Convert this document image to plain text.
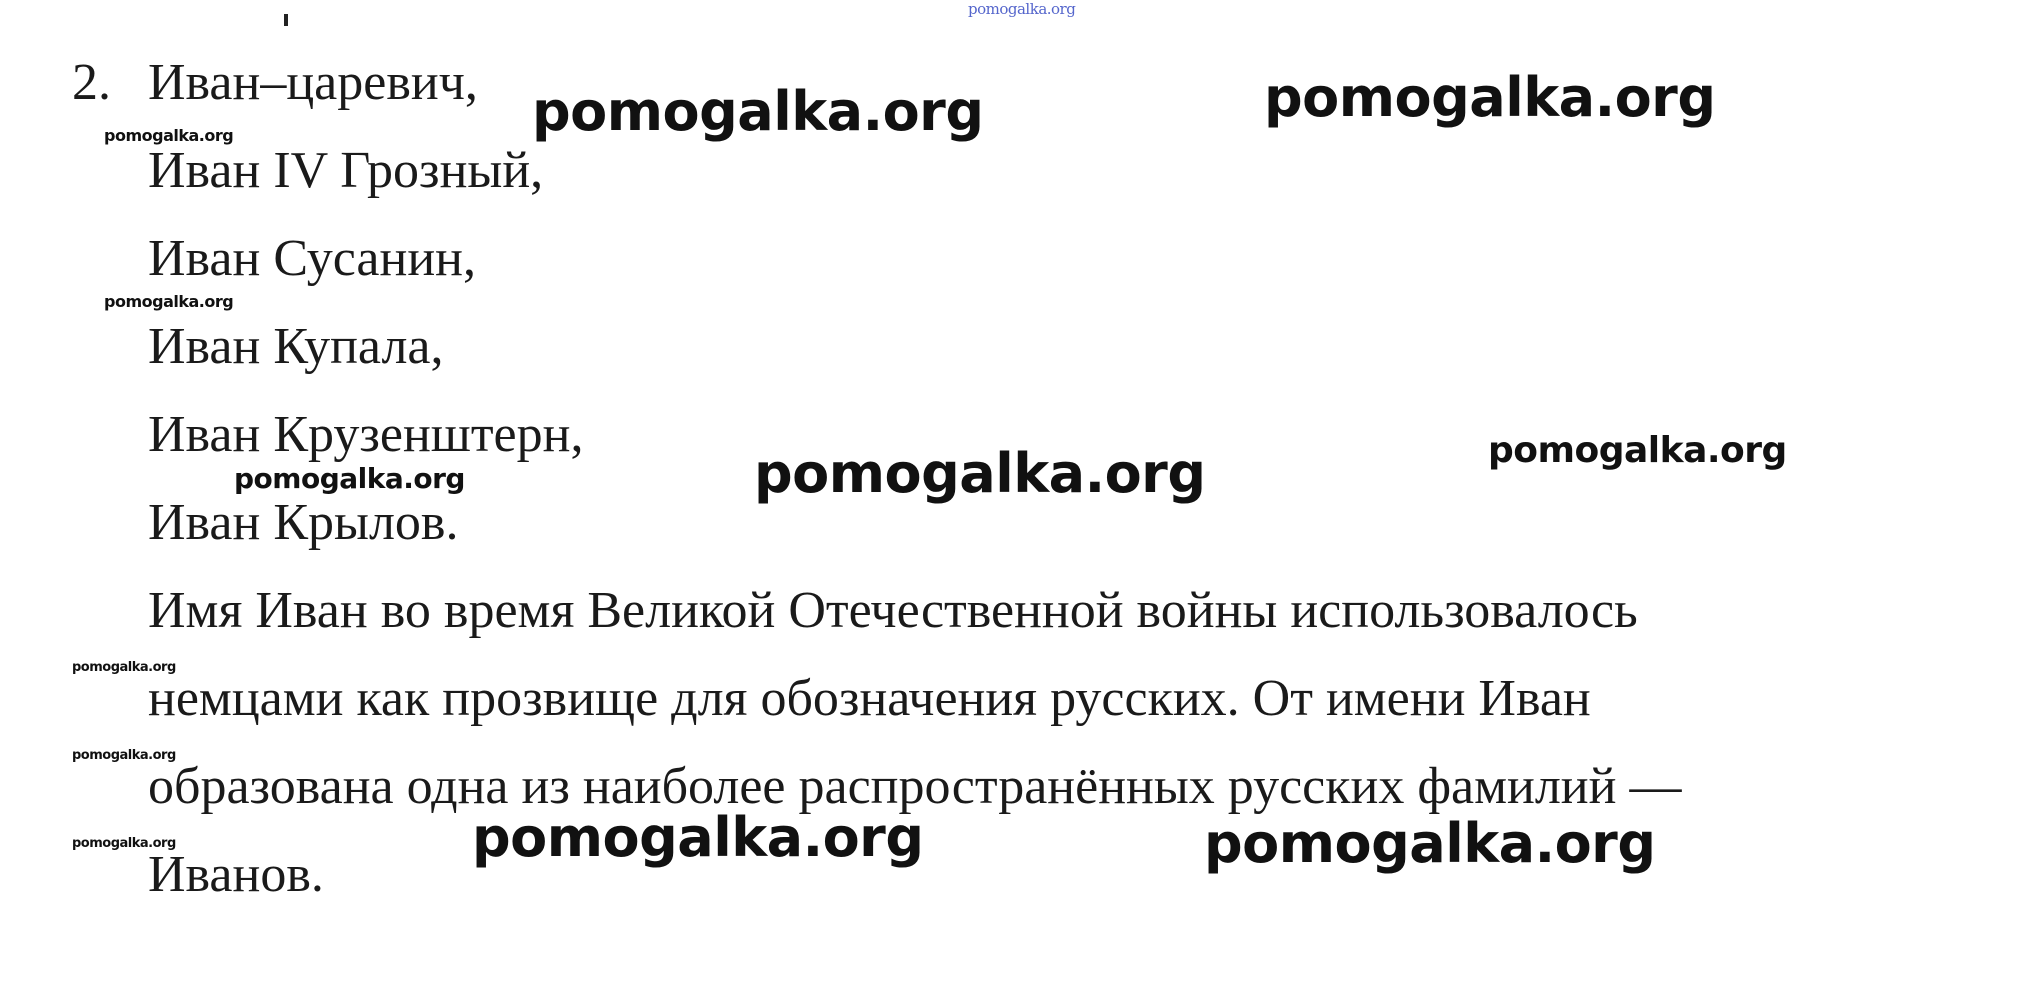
pomogalka.org
2. Иван–царевич,
Иван IV Грозный,
Иван Сусанин,
Иван Купала,
Иван Крузенштерн,
Иван Крылов.
Имя Иван во время Великой Отечественной войны использовалось
немцами как прозвище для обозначения русских. От имени Иван
образована одна из наиболее распространённых русских фамилий —
Иванов.
pomogalka.org	pomogalka.org
pomogalka.org	pomogalka.org
pomogalka.org
pomogalka.org	pomogalka.org
pomogalka.org
pomogalka.org
pomogalka.org
pomogalka.org
pomogalka.org
